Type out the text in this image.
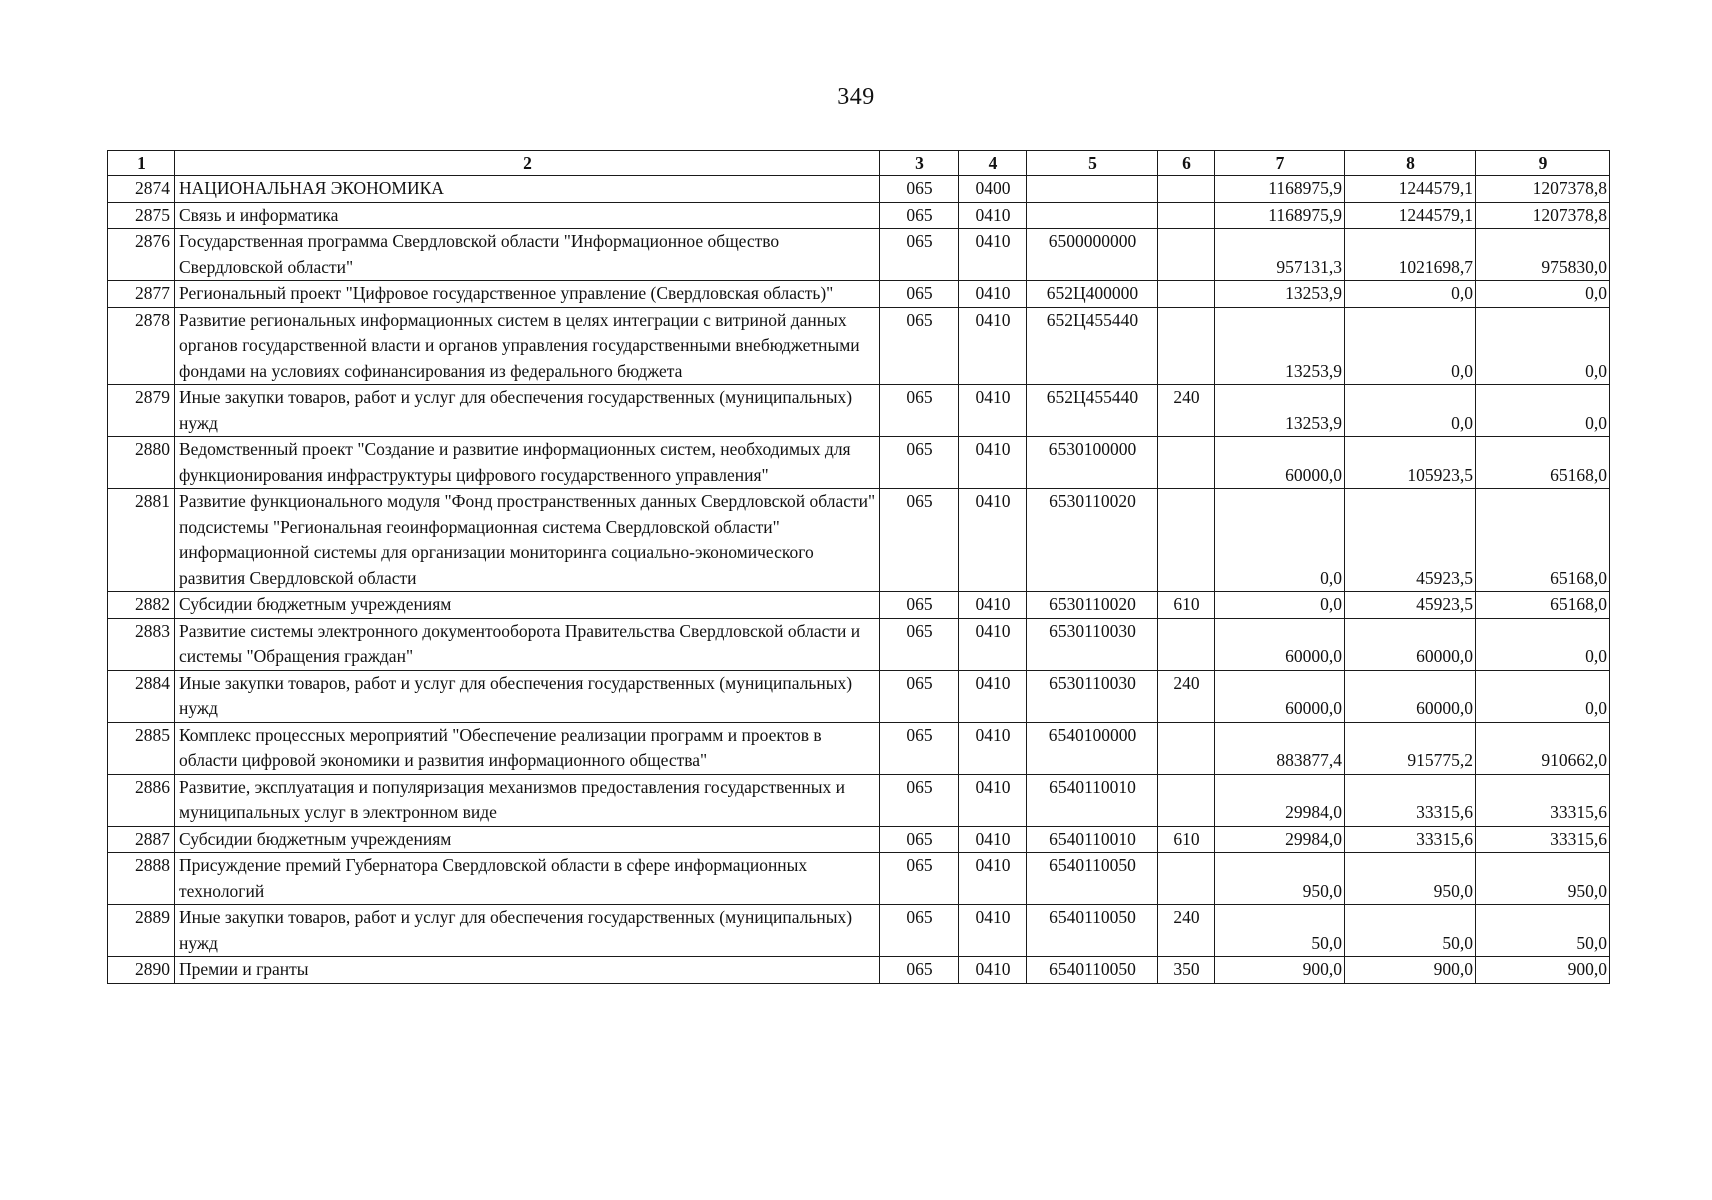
349
1	2	3	4	5	6	7	8	9
2874	НАЦИОНАЛЬНАЯ ЭКОНОМИКА	065	0400			1168975,9	1244579,1	1207378,8
2875	Связь и информатика	065	0410			1168975,9	1244579,1	1207378,8
2876	Государственная программа Свердловской области "Информационное общество Свердловской области"	065	0410	6500000000		957131,3	1021698,7	975830,0
2877	Региональный проект "Цифровое государственное управление (Свердловская область)"	065	0410	652Ц400000		13253,9	0,0	0,0
2878	Развитие региональных информационных систем в целях интеграции с витриной данных органов государственной власти и органов управления государственными внебюджетными фондами на условиях софинансирования из федерального бюджета	065	0410	652Ц455440		13253,9	0,0	0,0
2879	Иные закупки товаров, работ и услуг для обеспечения государственных (муниципальных) нужд	065	0410	652Ц455440	240	13253,9	0,0	0,0
2880	Ведомственный проект "Создание и развитие информационных систем, необходимых для функционирования инфраструктуры цифрового государственного управления"	065	0410	6530100000		60000,0	105923,5	65168,0
2881	Развитие функционального модуля "Фонд пространственных данных Свердловской области" подсистемы "Региональная геоинформационная система Свердловской области" информационной системы для организации мониторинга социально-экономического развития Свердловской области	065	0410	6530110020		0,0	45923,5	65168,0
2882	Субсидии бюджетным учреждениям	065	0410	6530110020	610	0,0	45923,5	65168,0
2883	Развитие системы электронного документооборота Правительства Свердловской области и системы "Обращения граждан"	065	0410	6530110030		60000,0	60000,0	0,0
2884	Иные закупки товаров, работ и услуг для обеспечения государственных (муниципальных) нужд	065	0410	6530110030	240	60000,0	60000,0	0,0
2885	Комплекс процессных мероприятий "Обеспечение реализации программ и проектов в области цифровой экономики и развития информационного общества"	065	0410	6540100000		883877,4	915775,2	910662,0
2886	Развитие, эксплуатация и популяризация механизмов предоставления государственных и муниципальных услуг в электронном виде	065	0410	6540110010		29984,0	33315,6	33315,6
2887	Субсидии бюджетным учреждениям	065	0410	6540110010	610	29984,0	33315,6	33315,6
2888	Присуждение премий Губернатора Свердловской области в сфере информационных технологий	065	0410	6540110050		950,0	950,0	950,0
2889	Иные закупки товаров, работ и услуг для обеспечения государственных (муниципальных) нужд	065	0410	6540110050	240	50,0	50,0	50,0
2890	Премии и гранты	065	0410	6540110050	350	900,0	900,0	900,0
